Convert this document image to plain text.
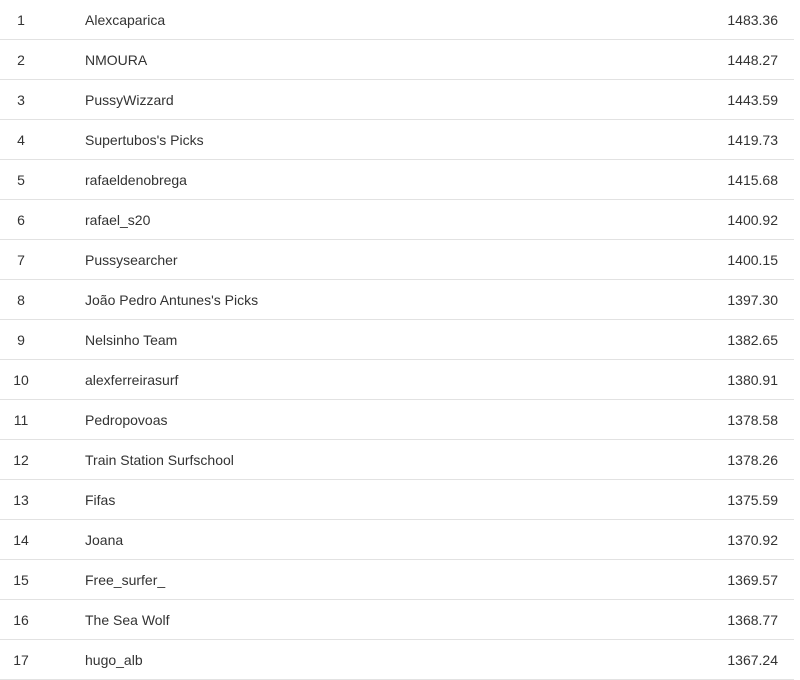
1	Alexcaparica	1483.36
2	NMOURA	1448.27
3	PussyWizzard	1443.59
4	Supertubos's Picks	1419.73
5	rafaeldenobrega	1415.68
6	rafael_s20	1400.92
7	Pussysearcher	1400.15
8	João Pedro Antunes's Picks	1397.30
9	Nelsinho Team	1382.65
10	alexferreirasurf	1380.91
11	Pedropovoas	1378.58
12	Train Station Surfschool	1378.26
13	Fifas	1375.59
14	Joana	1370.92
15	Free_surfer_	1369.57
16	The Sea Wolf	1368.77
17	hugo_alb	1367.24
